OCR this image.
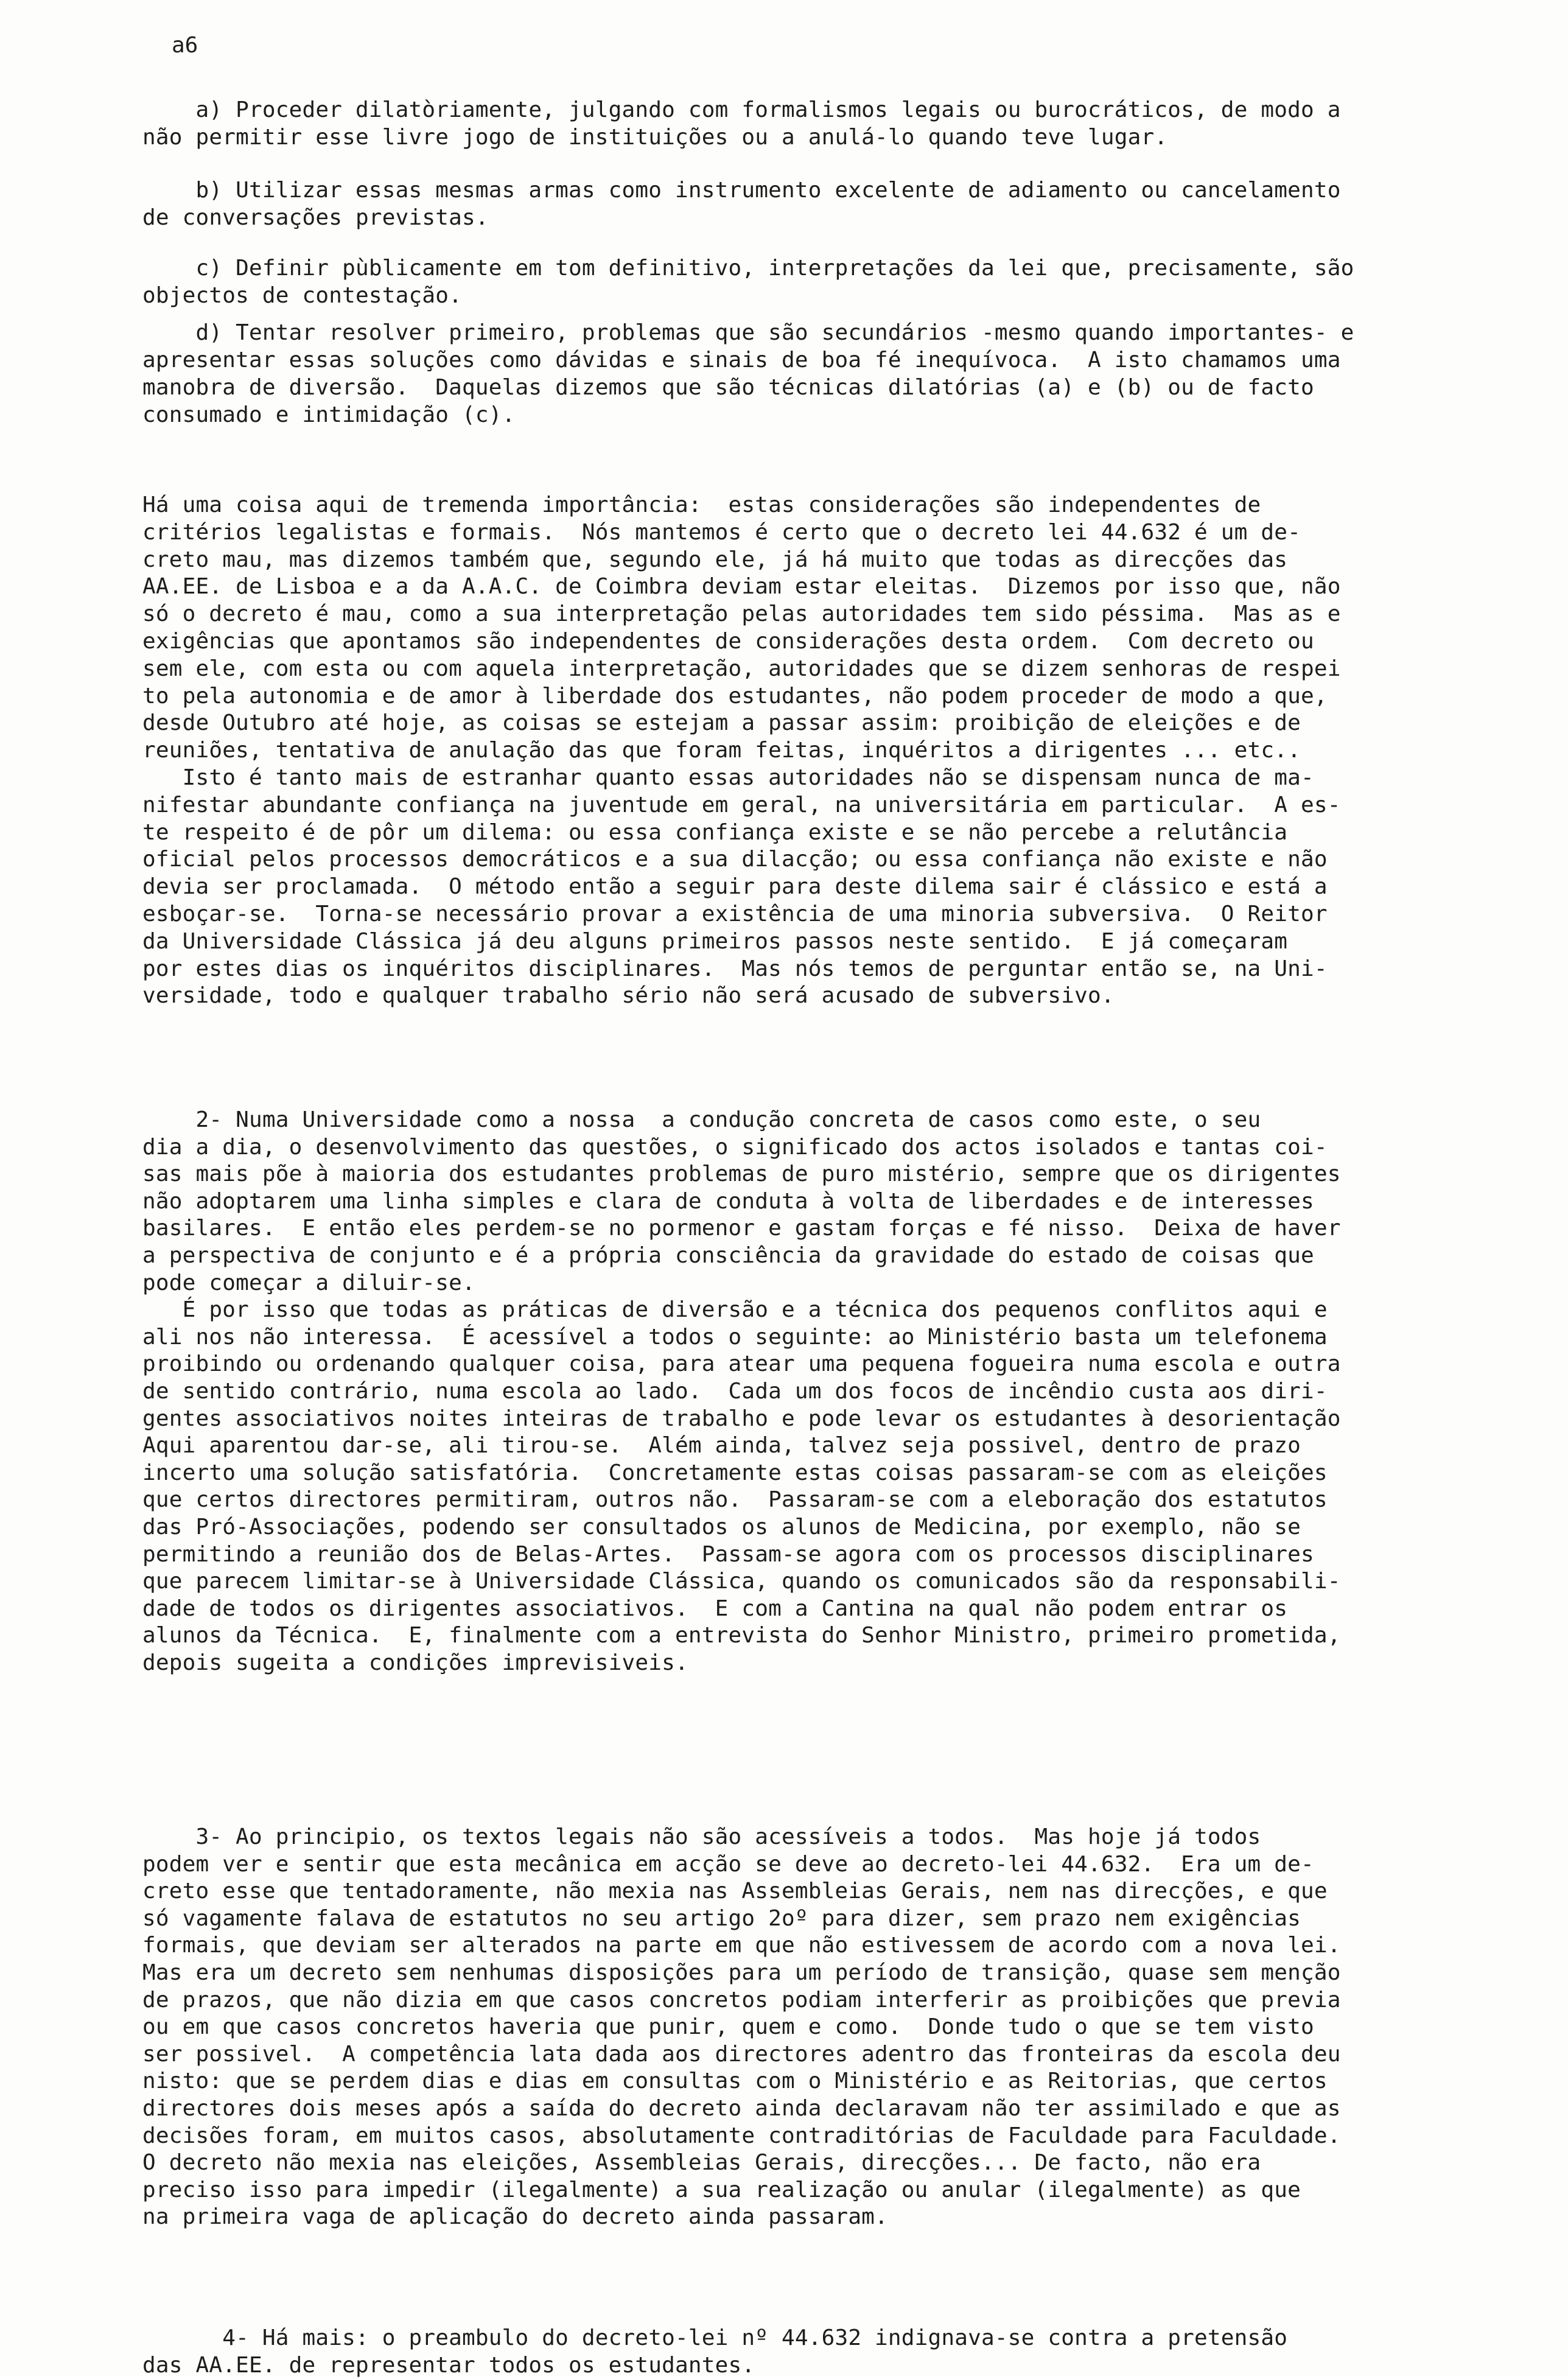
a6

a) Proceder dilatòriamente, julgando com formalismos legais ou burocráticos, de modo a
não permitir esse livre jogo de instituições ou a anulá-lo quando teve lugar.

b) Utilizar essas mesmas armas como instrumento excelente de adiamento ou cancelamento
de conversações previstas.

c) Definir pùblicamente em tom definitivo, interpretações da lei que, precisamente, são
objectos de contestação.

d) Tentar resolver primeiro, problemas que são secundários -mesmo quando importantes- e
apresentar essas soluções como dávidas e sinais de boa fé inequívoca.  A isto chamamos uma
manobra de diversão.  Daquelas dizemos que são técnicas dilatórias (a) e (b) ou de facto
consumado e intimidação (c).

Há uma coisa aqui de tremenda importância:  estas considerações são independentes de
critérios legalistas e formais.  Nós mantemos é certo que o decreto lei 44.632 é um de-
creto mau, mas dizemos também que, segundo ele, já há muito que todas as direcções das
AA.EE. de Lisboa e a da A.A.C. de Coimbra deviam estar eleitas.  Dizemos por isso que, não
só o decreto é mau, como a sua interpretação pelas autoridades tem sido péssima.  Mas as e
exigências que apontamos são independentes de considerações desta ordem.  Com decreto ou
sem ele, com esta ou com aquela interpretação, autoridades que se dizem senhoras de respei
to pela autonomia e de amor à liberdade dos estudantes, não podem proceder de modo a que,
desde Outubro até hoje, as coisas se estejam a passar assim: proibição de eleições e de
reuniões, tentativa de anulação das que foram feitas, inquéritos a dirigentes ... etc..
Isto é tanto mais de estranhar quanto essas autoridades não se dispensam nunca de ma-
nifestar abundante confiança na juventude em geral, na universitária em particular.  A es-
te respeito é de pôr um dilema: ou essa confiança existe e se não percebe a relutância
oficial pelos processos democráticos e a sua dilacção; ou essa confiança não existe e não
devia ser proclamada.  O método então a seguir para deste dilema sair é clássico e está a
esboçar-se.  Torna-se necessário provar a existência de uma minoria subversiva.  O Reitor
da Universidade Clássica já deu alguns primeiros passos neste sentido.  E já começaram
por estes dias os inquéritos disciplinares.  Mas nós temos de perguntar então se, na Uni-
versidade, todo e qualquer trabalho sério não será acusado de subversivo.

2- Numa Universidade como a nossa  a condução concreta de casos como este, o seu
dia a dia, o desenvolvimento das questões, o significado dos actos isolados e tantas coi-
sas mais põe à maioria dos estudantes problemas de puro mistério, sempre que os dirigentes
não adoptarem uma linha simples e clara de conduta à volta de liberdades e de interesses
basilares.  E então eles perdem-se no pormenor e gastam forças e fé nisso.  Deixa de haver
a perspectiva de conjunto e é a própria consciência da gravidade do estado de coisas que
pode começar a diluir-se.
É por isso que todas as práticas de diversão e a técnica dos pequenos conflitos aqui e
ali nos não interessa.  É acessível a todos o seguinte: ao Ministério basta um telefonema
proibindo ou ordenando qualquer coisa, para atear uma pequena fogueira numa escola e outra
de sentido contrário, numa escola ao lado.  Cada um dos focos de incêndio custa aos diri-
gentes associativos noites inteiras de trabalho e pode levar os estudantes à desorientação
Aqui aparentou dar-se, ali tirou-se.  Além ainda, talvez seja possivel, dentro de prazo
incerto uma solução satisfatória.  Concretamente estas coisas passaram-se com as eleições
que certos directores permitiram, outros não.  Passaram-se com a eleboração dos estatutos
das Pró-Associações, podendo ser consultados os alunos de Medicina, por exemplo, não se
permitindo a reunião dos de Belas-Artes.  Passam-se agora com os processos disciplinares
que parecem limitar-se à Universidade Clássica, quando os comunicados são da responsabili-
dade de todos os dirigentes associativos.  E com a Cantina na qual não podem entrar os
alunos da Técnica.  E, finalmente com a entrevista do Senhor Ministro, primeiro prometida,
depois sugeita a condições imprevisiveis.

3- Ao principio, os textos legais não são acessíveis a todos.  Mas hoje já todos
podem ver e sentir que esta mecânica em acção se deve ao decreto-lei 44.632.  Era um de-
creto esse que tentadoramente, não mexia nas Assembleias Gerais, nem nas direcções, e que
só vagamente falava de estatutos no seu artigo 2oº para dizer, sem prazo nem exigências
formais, que deviam ser alterados na parte em que não estivessem de acordo com a nova lei.
Mas era um decreto sem nenhumas disposições para um período de transição, quase sem menção
de prazos, que não dizia em que casos concretos podiam interferir as proibições que previa
ou em que casos concretos haveria que punir, quem e como.  Donde tudo o que se tem visto
ser possivel.  A competência lata dada aos directores adentro das fronteiras da escola deu
nisto: que se perdem dias e dias em consultas com o Ministério e as Reitorias, que certos
directores dois meses após a saída do decreto ainda declaravam não ter assimilado e que as
decisões foram, em muitos casos, absolutamente contraditórias de Faculdade para Faculdade.
O decreto não mexia nas eleições, Assembleias Gerais, direcções... De facto, não era
preciso isso para impedir (ilegalmente) a sua realização ou anular (ilegalmente) as que
na primeira vaga de aplicação do decreto ainda passaram.

4- Há mais: o preambulo do decreto-lei nº 44.632 indignava-se contra a pretensão
das AA.EE. de representar todos os estudantes.
